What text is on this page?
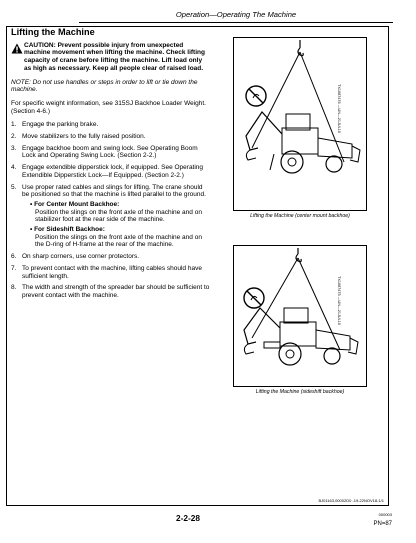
Operation—Operating The Machine
Lifting the Machine
CAUTION: Prevent possible injury from unexpected machine movement when lifting the machine. Check lifting capacity of crane before lifting the machine. Lift load only as high as necessary. Keep all people clear of raised load.
NOTE: Do not use handles or steps in order to lift or tie down the machine.
For specific weight information, see 315SJ Backhoe Loader Weight. (Section 4-6.)
1. Engage the parking brake.
2. Move stabilizers to the fully raised position.
3. Engage backhoe boom and swing lock. See Operating Boom Lock and Operating Swing Lock. (Section 2-2.)
4. Engage extendible dipperstick lock, if equipped. See Operating Extendible Dipperstick Lock—If Equipped. (Section 2-2.)
5. Use proper rated cables and slings for lifting. The crane should be positioned so that the machine is lifted parallel to the ground.
• For Center Mount Backhoe:
Position the slings on the front axle of the machine and on stabilizer foot at the rear side of the machine.
• For Sideshift Backhoe:
Position the slings on the front axle of the machine and on the D-ring of H-frame at the rear of the machine.
6. On sharp corners, use corner protectors.
7. To prevent contact with the machine, lifting cables should have sufficient length.
8. The width and strength of the spreader bar should be sufficient to prevent contact with the machine.
TX1087476 —UN—21JUL10
Lifting the Machine (center mount backhoe)
TX1087475 —UN—21JUL10
Lifting the Machine (sideshift backhoe)
BJ01163,00002D0 -19-22NOV18-1/1
2-2-28	000003
PN=87
